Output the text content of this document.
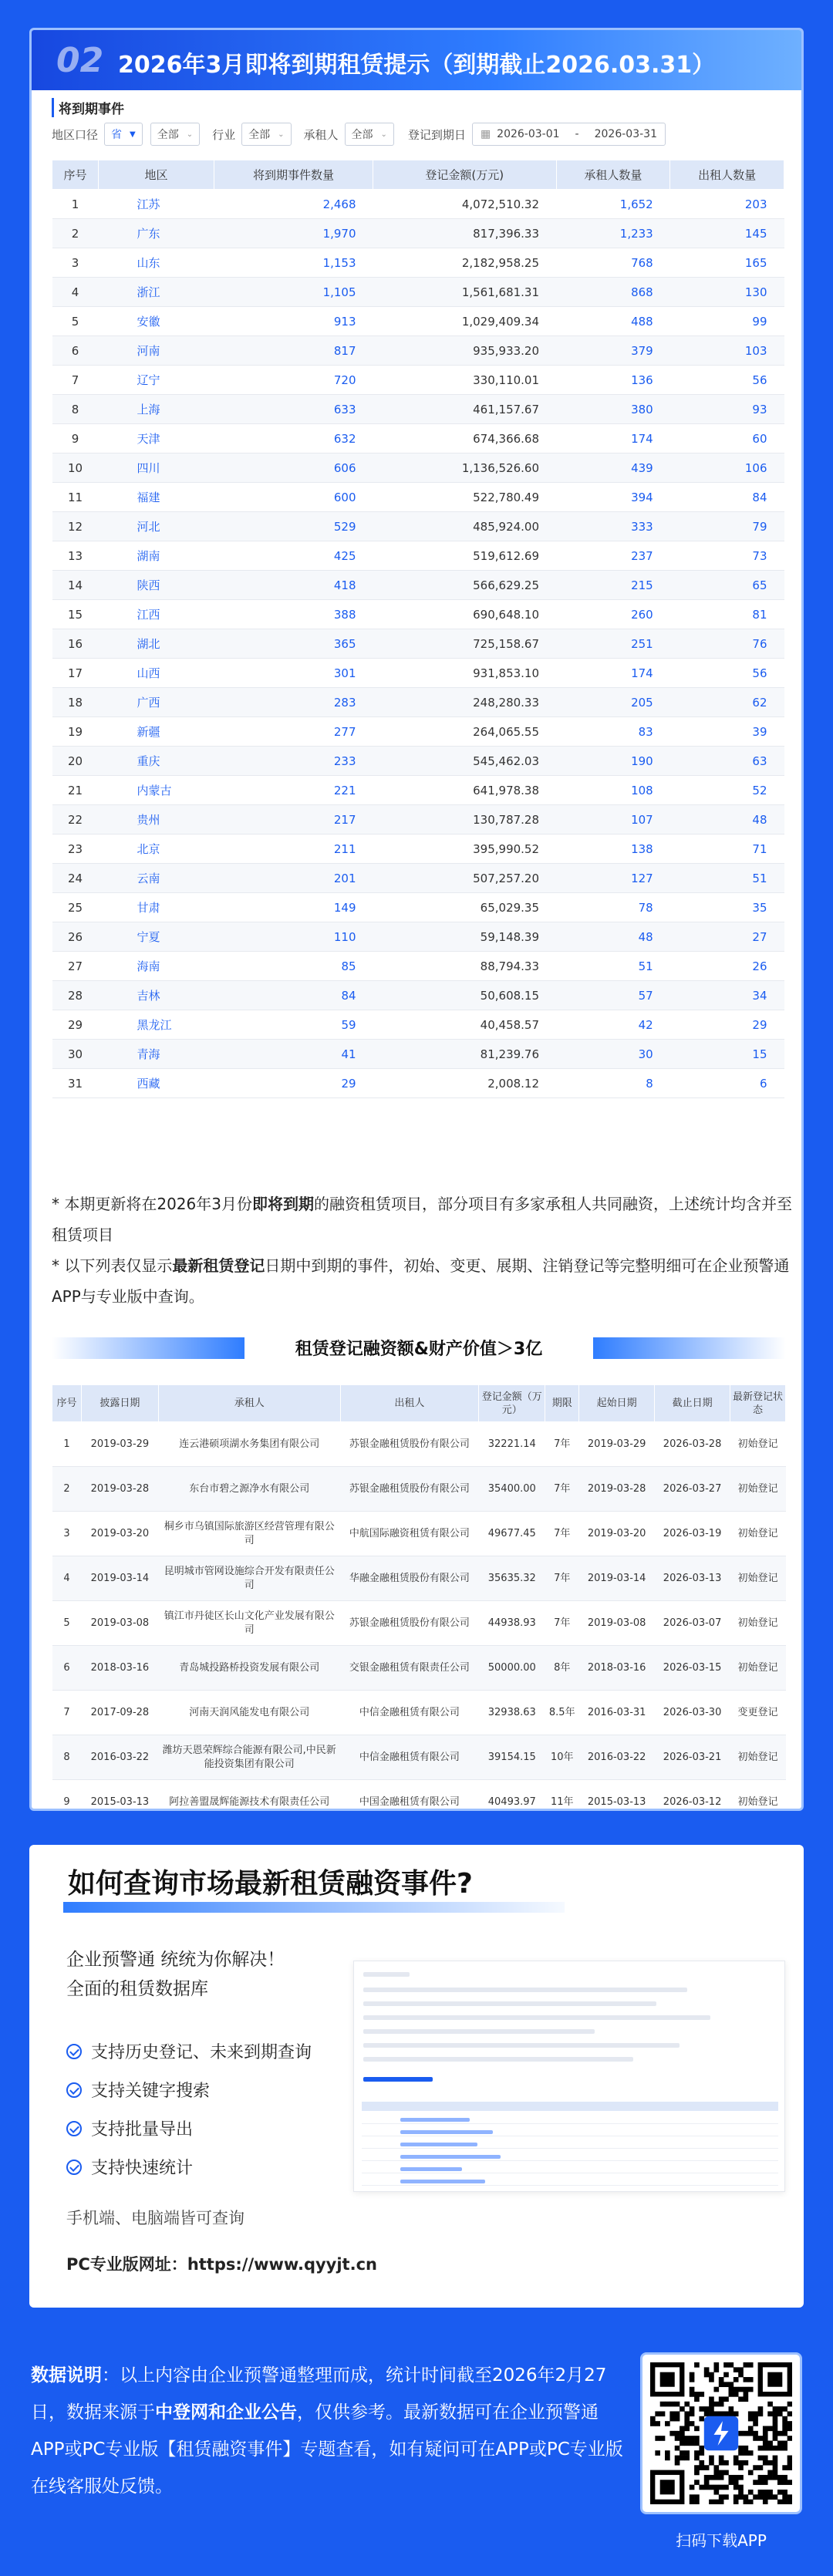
02 2026年3月即将到期租赁提示（到期截止2026.03.31）
将到期事件
地区口径 省 ▼ 全部 ⌄ 行业 全部 ⌄ 承租人 全部 ⌄ 登记到期日 ▦ 2026-03-01 - 2026-03-31
序号	地区	将到期事件数量	登记金额(万元)	承租人数量	出租人数量
1	江苏	2,468	4,072,510.32	1,652	203
2	广东	1,970	817,396.33	1,233	145
3	山东	1,153	2,182,958.25	768	165
4	浙江	1,105	1,561,681.31	868	130
5	安徽	913	1,029,409.34	488	99
6	河南	817	935,933.20	379	103
7	辽宁	720	330,110.01	136	56
8	上海	633	461,157.67	380	93
9	天津	632	674,366.68	174	60
10	四川	606	1,136,526.60	439	106
11	福建	600	522,780.49	394	84
12	河北	529	485,924.00	333	79
13	湖南	425	519,612.69	237	73
14	陕西	418	566,629.25	215	65
15	江西	388	690,648.10	260	81
16	湖北	365	725,158.67	251	76
17	山西	301	931,853.10	174	56
18	广西	283	248,280.33	205	62
19	新疆	277	264,065.55	83	39
20	重庆	233	545,462.03	190	63
21	内蒙古	221	641,978.38	108	52
22	贵州	217	130,787.28	107	48
23	北京	211	395,990.52	138	71
24	云南	201	507,257.20	127	51
25	甘肃	149	65,029.35	78	35
26	宁夏	110	59,148.39	48	27
27	海南	85	88,794.33	51	26
28	吉林	84	50,608.15	57	34
29	黑龙江	59	40,458.57	42	29
30	青海	41	81,239.76	30	15
31	西藏	29	2,008.12	8	6

* 本期更新将在2026年3月份即将到期的融资租赁项目，部分项目有多家承租人共同融资，上述统计均含并至租赁项目

* 以下列表仅显示最新租赁登记日期中到期的事件，初始、变更、展期、注销登记等完整明细可在企业预警通APP与专业版中查询。

租赁登记融资额&财产价值＞3亿
序号	披露日期	承租人	出租人	登记金额（万元）	期限	起始日期	截止日期	最新登记状态
1	2019-03-29	连云港硕项湖水务集团有限公司	苏银金融租赁股份有限公司	32221.14	7年	2019-03-29	2026-03-28	初始登记
2	2019-03-28	东台市碧之源净水有限公司	苏银金融租赁股份有限公司	35400.00	7年	2019-03-28	2026-03-27	初始登记
3	2019-03-20	桐乡市乌镇国际旅游区经营管理有限公司	中航国际融资租赁有限公司	49677.45	7年	2019-03-20	2026-03-19	初始登记
4	2019-03-14	昆明城市管网设施综合开发有限责任公司	华融金融租赁股份有限公司	35635.32	7年	2019-03-14	2026-03-13	初始登记
5	2019-03-08	镇江市丹徒区长山文化产业发展有限公司	苏银金融租赁股份有限公司	44938.93	7年	2019-03-08	2026-03-07	初始登记
6	2018-03-16	青岛城投路桥投资发展有限公司	交银金融租赁有限责任公司	50000.00	8年	2018-03-16	2026-03-15	初始登记
7	2017-09-28	河南天润风能发电有限公司	中信金融租赁有限公司	32938.63	8.5年	2016-03-31	2026-03-30	变更登记
8	2016-03-22	潍坊天恩荣辉综合能源有限公司,中民新能投资集团有限公司	中信金融租赁有限公司	39154.15	10年	2016-03-22	2026-03-21	初始登记
9	2015-03-13	阿拉善盟晟辉能源技术有限责任公司	中国金融租赁有限公司	40493.97	11年	2015-03-13	2026-03-12	初始登记
如何查询市场最新租赁融资事件?
企业预警通 统统为你解决！
全面的租赁数据库
支持历史登记、未来到期查询
支持关键字搜索
支持批量导出
支持快速统计
手机端、电脑端皆可查询
PC专业版网址：https://www.qyyjt.cn
数据说明：以上内容由企业预警通整理而成，统计时间截至2026年2月27日，数据来源于中登网和企业公告，仅供参考。最新数据可在企业预警通APP或PC专业版【租赁融资事件】专题查看，如有疑问可在APP或PC专业版在线客服处反馈。
扫码下载APP
